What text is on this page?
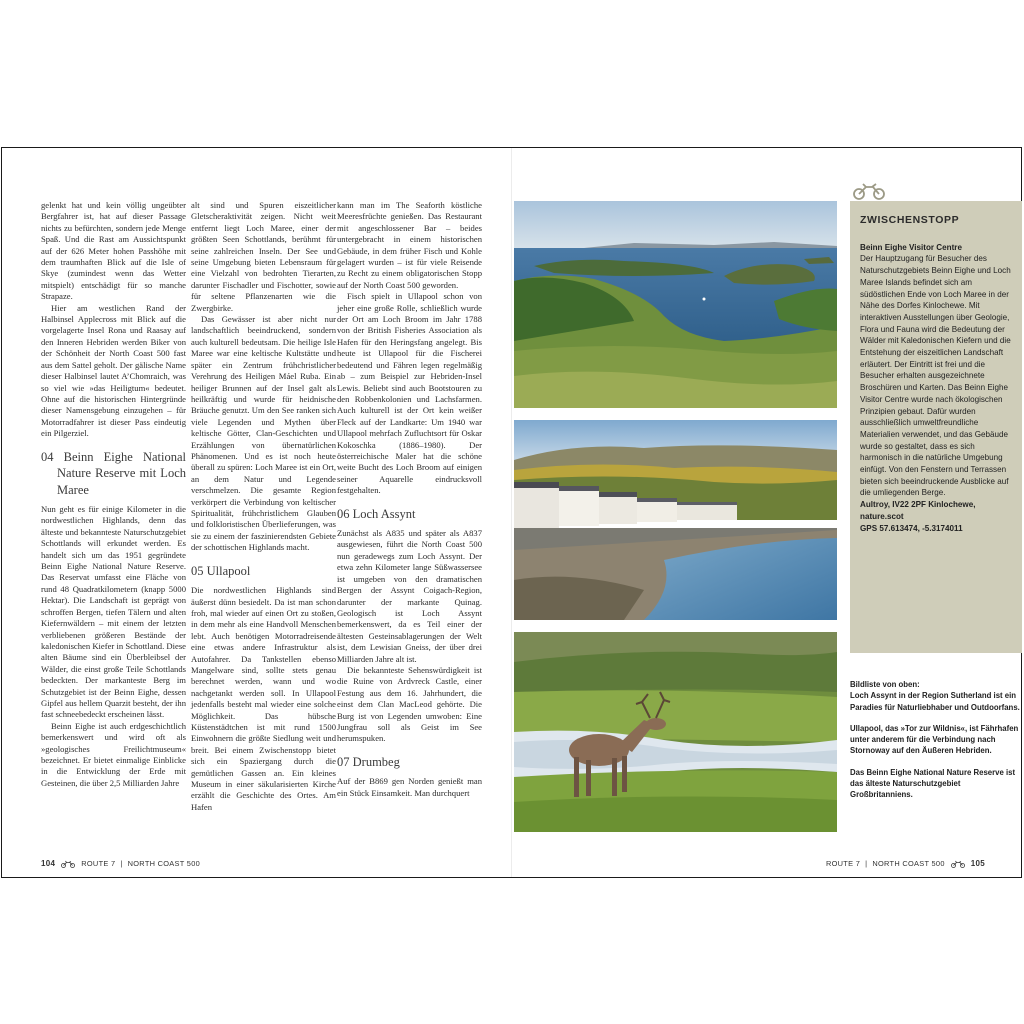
gelenkt hat und kein völlig ungeübter Bergfahrer ist, hat auf dieser Passage nichts zu befürchten, sondern jede Menge Spaß. Und die Rast am Aussichtspunkt auf der 626 Meter hohen Passhöhe mit dem traumhaften Blick auf die Isle of Skye (zumindest wenn das Wetter mitspielt) entschädigt für so manche Strapaze.

Hier am westlichen Rand der Halbinsel Applecross mit Blick auf die vorgelagerte Insel Rona und Raasay auf den Inneren Hebriden werden Biker von der Schönheit der North Coast 500 fast aus dem Sattel geholt. Der gälische Name dieser Halbinsel lautet A’Chomraich, was so viel wie »das Heiligtum« bedeutet. Ohne auf die historischen Hintergründe dieser Namensgebung einzugehen – für Motorradfahrer ist dieser Pass eindeutig ein Pilgerziel.

04 Beinn Eighe National Nature Reserve mit Loch Maree

Nun geht es für einige Kilometer in die nordwestlichen Highlands, denn das älteste und bekannteste Naturschutzgebiet Schottlands will erkundet werden. Es handelt sich um das 1951 gegründete Beinn Eighe National Nature Reserve. Das Reservat umfasst eine Fläche von rund 48 Quadratkilometern (knapp 5000 Hektar). Die Landschaft ist geprägt von schroffen Bergen, tiefen Tälern und alten Kiefernwäldern – mit einem der letzten verbliebenen größeren Bestände der kaledonischen Kiefer in Schottland. Diese alten Bäume sind ein Überbleibsel der Wälder, die einst große Teile Schottlands bedeckten. Der markanteste Berg im Schutzgebiet ist der Beinn Eighe, dessen Gipfel aus hellem Quarzit besteht, der ihn fast schneebedeckt erscheinen lässt.

Beinn Eighe ist auch erdgeschichtlich bemerkenswert und wird oft als »geologisches Freilichtmuseum« bezeichnet. Er bietet einmalige Einblicke in die Entwicklung der Erde mit Gesteinen, die über 2,5 Milliarden Jahre

alt sind und Spuren eiszeitlicher Gletscheraktivität zeigen. Nicht weit entfernt liegt Loch Maree, einer der größten Seen Schottlands, berühmt für seine zahlreichen Inseln. Der See und seine Umgebung bieten Lebensraum für eine Vielzahl von bedrohten Tierarten, darunter Fischadler und Fischotter, sowie für seltene Pflanzenarten wie die Zwergbirke.

Das Gewässer ist aber nicht nur landschaftlich beeindruckend, sondern auch kulturell bedeutsam. Die heilige Isle Maree war eine keltische Kultstätte und später ein Zentrum frühchristlicher Verehrung des Heiligen Máel Ruba. Ein heiliger Brunnen auf der Insel galt als heilkräftig und wurde für heidnische Bräuche genutzt. Um den See ranken sich viele Legenden und Mythen über keltische Götter, Clan-Geschichten und Erzählungen von übernatürlichen Phänomenen. Und es ist noch heute überall zu spüren: Loch Maree ist ein Ort, an dem Natur und Legende verschmelzen. Die gesamte Region verkörpert die Verbindung von keltischer Spiritualität, frühchristlichem Glauben und folkloristischen Überlieferungen, was sie zu einem der faszinierendsten Gebiete der schottischen Highlands macht.

05 Ullapool

Die nordwestlichen Highlands sind äußerst dünn besiedelt. Da ist man schon froh, mal wieder auf einen Ort zu stoßen, in dem mehr als eine Handvoll Menschen lebt. Auch benötigen Motorradreisende eine etwas andere Infrastruktur als Autofahrer. Da Tankstellen ebenso Mangelware sind, sollte stets genau berechnet werden, wann und wo nachgetankt werden soll. In Ullapool jedenfalls besteht mal wieder eine solche Möglichkeit. Das hübsche Küstenstädtchen ist mit rund 1500 Einwohnern die größte Siedlung weit und breit. Bei einem Zwischenstopp bietet sich ein Spaziergang durch die gemütlichen Gassen an. Ein kleines Museum in einer säkularisierten Kirche erzählt die Geschichte des Ortes. Am Hafen

kann man im The Seaforth köstliche Meeresfrüchte genießen. Das Restaurant mit angeschlossener Bar – beides untergebracht in einem historischen Gebäude, in dem früher Fisch und Kohle gelagert wurden – ist für viele Reisende zu Recht zu einem obligatorischen Stopp auf der North Coast 500 geworden.

Fisch spielt in Ullapool schon von jeher eine große Rolle, schließlich wurde der Ort am Loch Broom im Jahr 1788 von der British Fisheries Association als Hafen für den Heringsfang angelegt. Bis heute ist Ullapool für die Fischerei bedeutend und Fähren legen regelmäßig ab – zum Beispiel zur Hebriden-Insel Lewis. Beliebt sind auch Bootstouren zu den Robbenkolonien und Lachsfarmen. Auch kulturell ist der Ort kein weißer Fleck auf der Landkarte: Um 1940 war Ullapool mehrfach Zufluchtsort für Oskar Kokoschka (1886–1980). Der österreichische Maler hat die schöne weite Bucht des Loch Broom auf einigen seiner Aquarelle eindrucksvoll festgehalten.

06 Loch Assynt

Zunächst als A835 und später als A837 ausgewiesen, führt die North Coast 500 nun geradewegs zum Loch Assynt. Der etwa zehn Kilometer lange Süßwassersee ist umgeben von den dramatischen Bergen der Assynt Coigach-Region, darunter der markante Quinag. Geologisch ist Loch Assynt bemerkenswert, da es Teil einer der ältesten Gesteinsablagerungen der Welt ist, dem Lewisian Gneiss, der über drei Milliarden Jahre alt ist.

Die bekannteste Sehenswürdigkeit ist die Ruine von Ardvreck Castle, einer Festung aus dem 16. Jahrhundert, die einst dem Clan MacLeod gehörte. Die Burg ist von Legenden umwoben: Eine Jungfrau soll als Geist im See herumspuken.

07 Drumbeg

Auf der B869 gen Norden genießt man ein Stück Einsamkeit. Man durchquert

104	ROUTE 7 | NORTH COAST 500
ZWISCHENSTOPP
Beinn Eighe Visitor Centre
Der Hauptzugang für Besucher des Naturschutzgebiets Beinn Eighe und Loch Maree Islands befindet sich am südöstlichen Ende von Loch Maree in der Nähe des Dorfes Kinlochewe. Mit interaktiven Ausstellungen über Geologie, Flora und Fauna wird die Bedeutung der Wälder mit Kaledonischen Kiefern und die Entstehung der eiszeitlichen Landschaft erläutert. Der Eintritt ist frei und die Besucher erhalten ausgezeichnete Broschüren und Karten. Das Beinn Eighe Visitor Centre wurde nach ökologischen Prinzipien gebaut. Dafür wurden ausschließlich umweltfreundliche Materialien verwendet, und das Gebäude wurde so gestaltet, dass es sich harmonisch in die natürliche Umgebung einfügt. Von den Fenstern und Terrassen bieten sich beeindruckende Ausblicke auf die umliegenden Berge.
Aultroy, IV22 2PF Kinlochewe, nature.scot
GPS 57.613474, -5.3174011

Bildliste von oben:
Loch Assynt in der Region Sutherland ist ein Paradies für Naturliebhaber und Outdoorfans.

Ullapool, das »Tor zur Wildnis«, ist Fährhafen unter anderem für die Verbindung nach Stornoway auf den Äußeren Hebriden.

Das Beinn Eighe National Nature Reserve ist das älteste Naturschutzgebiet Großbritanniens.

ROUTE 7 | NORTH COAST 500	105
